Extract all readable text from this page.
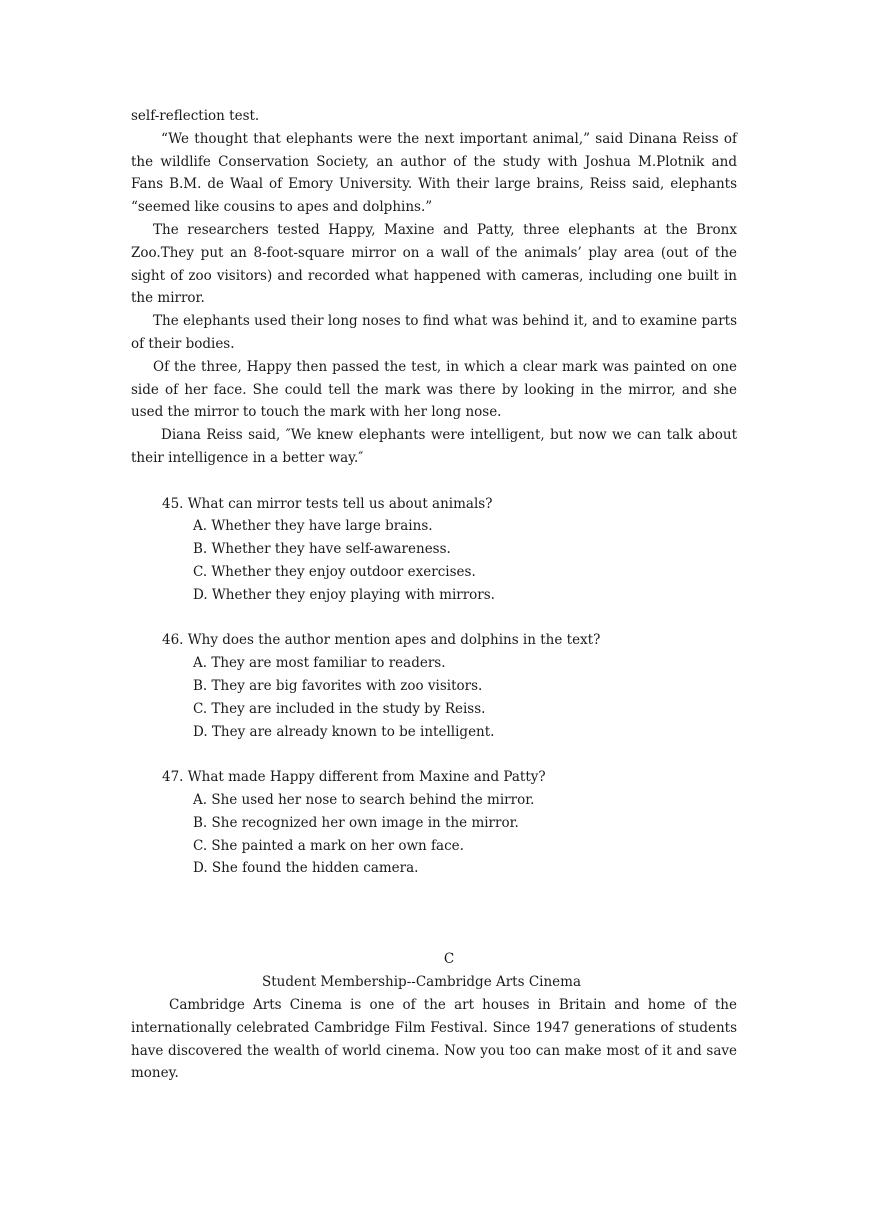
self-reflection test.

“We thought that elephants were the next important animal,” said Dinana Reiss of the wildlife Conservation Society, an author of the study with Joshua M.Plotnik and Fans B.M. de Waal of Emory University. With their large brains, Reiss said, elephants “seemed like cousins to apes and dolphins.”

The researchers tested Happy, Maxine and Patty, three elephants at the Bronx Zoo.They put an 8-foot-square mirror on a wall of the animals’ play area (out of the sight of zoo visitors) and recorded what happened with cameras, including one built in the mirror.

The elephants used their long noses to find what was behind it, and to examine parts of their bodies.

Of the three, Happy then passed the test, in which a clear mark was painted on one side of her face. She could tell the mark was there by looking in the mirror, and she used the mirror to touch the mark with her long nose.

Diana Reiss said, ″We knew elephants were intelligent, but now we can talk about their intelligence in a better way.″

45. What can mirror tests tell us about animals?

A. Whether they have large brains.

B. Whether they have self-awareness.

C. Whether they enjoy outdoor exercises.

D. Whether they enjoy playing with mirrors.

46. Why does the author mention apes and dolphins in the text?

A. They are most familiar to readers.

B. They are big favorites with zoo visitors.

C. They are included in the study by Reiss.

D. They are already known to be intelligent.

47. What made Happy different from Maxine and Patty?

A. She used her nose to search behind the mirror.

B. She recognized her own image in the mirror.

C. She painted a mark on her own face.

D. She found the hidden camera.

C

Student Membership--Cambridge Arts Cinema

Cambridge Arts Cinema is one of the art houses in Britain and home of the internationally celebrated Cambridge Film Festival. Since 1947 generations of students have discovered the wealth of world cinema. Now you too can make most of it and save money.
